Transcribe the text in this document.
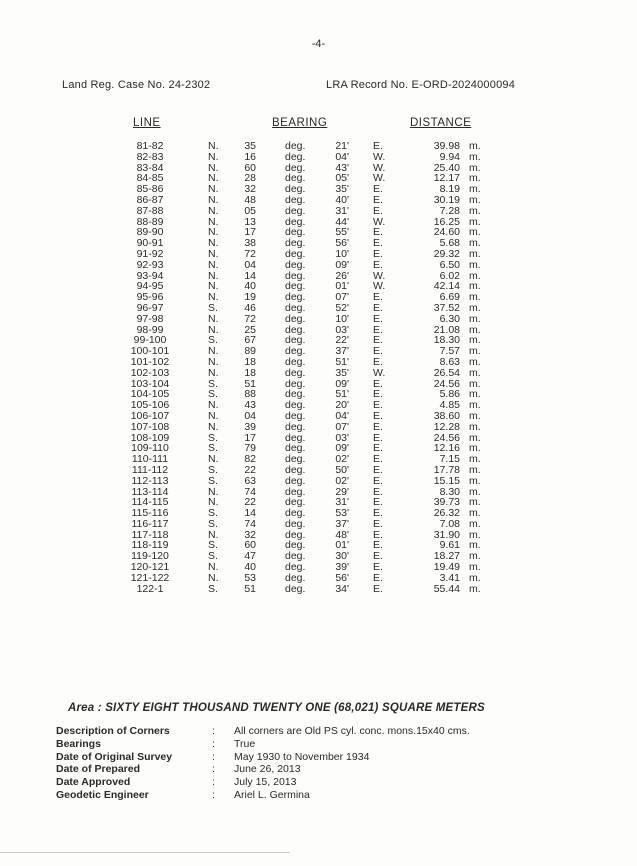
-4-
Land Reg. Case No. 24-2302	LRA Record No. E-ORD-2024000094
LINE	BEARING	DISTANCE
81-82	N.	35	deg.	21' E.	39.98 m.
82-83	N.	16	deg.	04' W.	9.94 m.
83-84	N.	60	deg.	43' W.	25.40 m.
84-85	N.	28	deg.	05' W.	12.17 m.
85-86	N.	32	deg.	35' E.	8.19 m.
86-87	N.	48	deg.	40' E.	30.19 m.
87-88	N.	05	deg.	31' E.	7.28 m.
88-89	N.	13	deg.	44' W.	16.25 m.
89-90	N.	17	deg.	55' E.	24.60 m.
90-91	N.	38	deg.	56' E.	5.68 m.
91-92	N.	72	deg.	10' E.	29.32 m.
92-93	N.	04	deg.	09' E.	6.50 m.
93-94	N.	14	deg.	26' W.	6.02 m.
94-95	N.	40	deg.	01' W.	42.14 m.
95-96	N.	19	deg.	07' E.	6.69 m.
96-97	S.	46	deg.	52' E.	37.52 m.
97-98	N.	72	deg.	10' E.	6.30 m.
98-99	N.	25	deg.	03' E.	21.08 m.
99-100	S.	67	deg.	22' E.	18.30 m.
100-101	N.	89	deg.	37' E.	7.57 m.
101-102	N.	18	deg.	51' E.	8.63 m.
102-103	N.	18	deg.	35' W.	26.54 m.
103-104	S.	51	deg.	09' E.	24.56 m.
104-105	S.	88	deg.	51' E.	5.86 m.
105-106	N.	43	deg.	20' E.	4.85 m.
106-107	N.	04	deg.	04' E.	38.60 m.
107-108	N.	39	deg.	07' E.	12.28 m.
108-109	S.	17	deg.	03' E.	24.56 m.
109-110	S.	79	deg.	09' E.	12.16 m.
110-111	N.	82	deg.	02' E.	7.15 m.
111-112	S.	22	deg.	50' E.	17.78 m.
112-113	S.	63	deg.	02' E.	15.15 m.
113-114	N.	74	deg.	29' E.	8.30 m.
114-115	N.	22	deg.	31' E.	39.73 m.
115-116	S.	14	deg.	53' E.	26.32 m.
116-117	S.	74	deg.	37' E.	7.08 m.
117-118	N.	32	deg.	48' E.	31.90 m.
118-119	S.	60	deg.	01' E.	9.61 m.
119-120	S.	47	deg.	30' E.	18.27 m.
120-121	N.	40	deg.	39' E.	19.49 m.
121-122	N.	53	deg.	56' E.	3.41 m.
122-1	S.	51	deg.	34' E.	55.44 m.
Area : SIXTY EIGHT THOUSAND TWENTY ONE (68,021) SQUARE METERS
Description of Corners	: All corners are Old PS cyl. conc. mons.15x40 cms.
Bearings	: True
Date of Original Survey	: May 1930 to November 1934
Date of Prepared	: June 26, 2013
Date Approved	: July 15, 2013
Geodetic Engineer	: Ariel L. Germina
